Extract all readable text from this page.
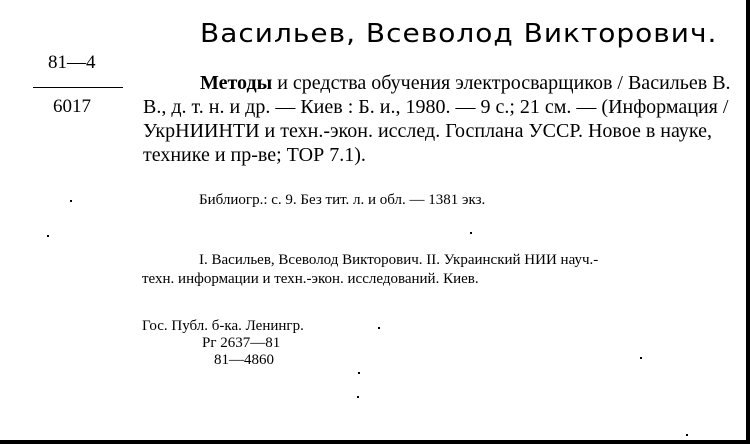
Васильев, Всеволод Викторович.
81—4
6017

Методы и средства обучения электросварщиков / Васильев В. В., д. т. н. и др. — Киев : Б. и., 1980. — 9 с.; 21 см. — (Информация / УкрНИИНТИ и техн.-экон. исслед. Госплана УССР. Новое в науке, технике и пр-ве; ТОР 7.1).

Библиогр.: с. 9. Без тит. л. и обл. — 1381 экз.
I. Васильев, Всеволод Викторович. II. Украинский НИИ науч.-
техн. информации и техн.-экон. исследований. Киев.
Гос. Публ. б-ка. Ленингр.
Рг 2637—81
81—4860
